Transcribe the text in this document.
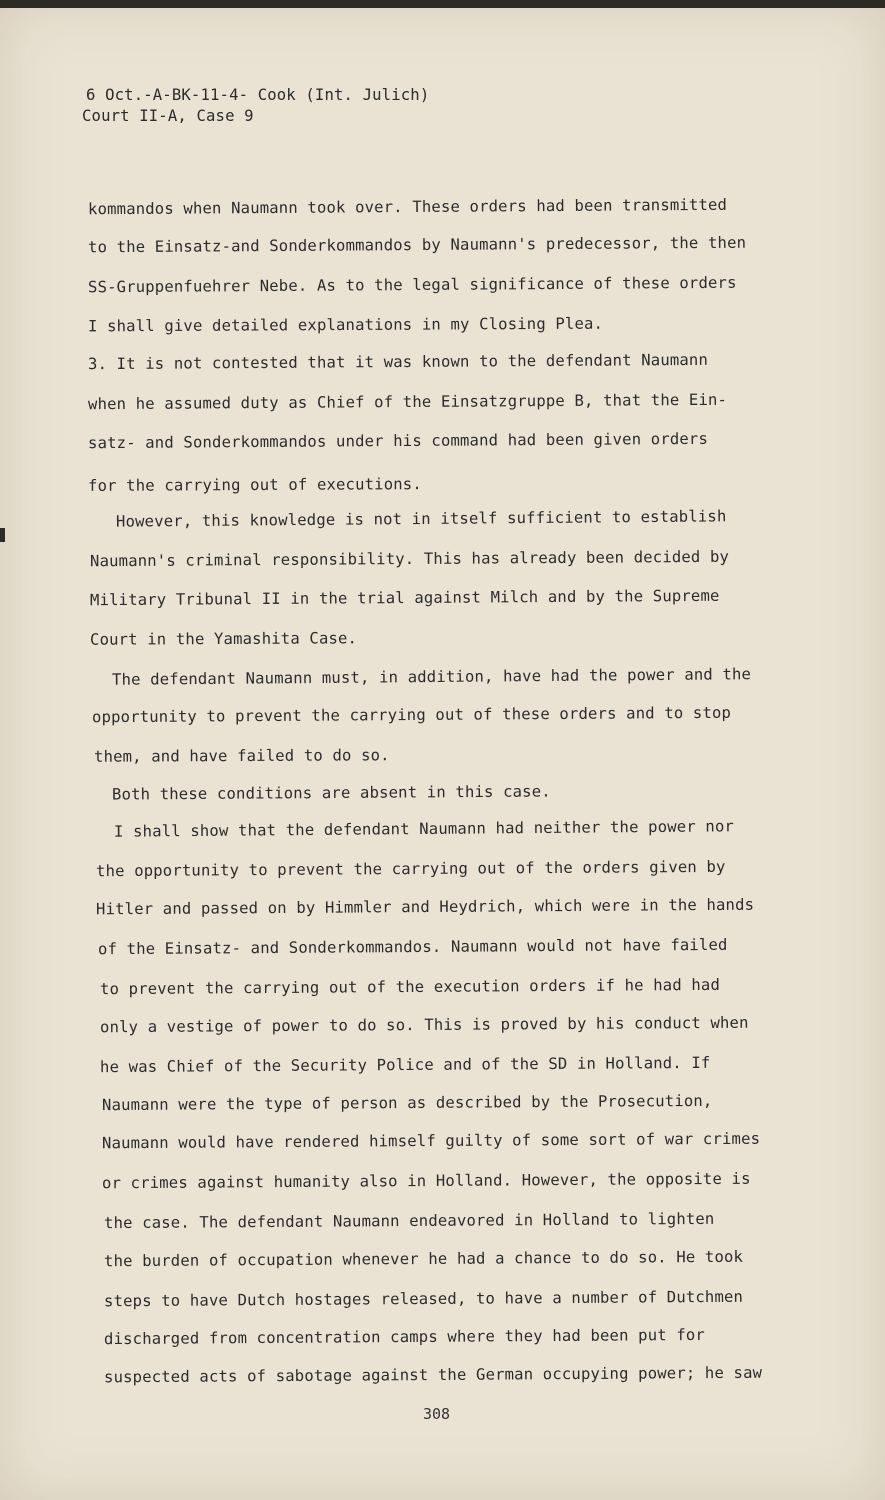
6 Oct.-A-BK-11-4- Cook (Int. Julich)
Court II-A, Case 9
kommandos when Naumann took over. These orders had been transmitted
to the Einsatz-and Sonderkommandos by Naumann's predecessor, the then
SS-Gruppenfuehrer Nebe. As to the legal significance of these orders
I shall give detailed explanations in my Closing Plea.
3. It is not contested that it was known to the defendant Naumann
when he assumed duty as Chief of the Einsatzgruppe B, that the Ein-
satz- and Sonderkommandos under his command had been given orders
for the carrying out of executions.
However, this knowledge is not in itself sufficient to establish
Naumann's criminal responsibility. This has already been decided by
Military Tribunal II in the trial against Milch and by the Supreme
Court in the Yamashita Case.
The defendant Naumann must, in addition, have had the power and the
opportunity to prevent the carrying out of these orders and to stop
them, and have failed to do so.
Both these conditions are absent in this case.
I shall show that the defendant Naumann had neither the power nor
the opportunity to prevent the carrying out of the orders given by
Hitler and passed on by Himmler and Heydrich, which were in the hands
of the Einsatz- and Sonderkommandos. Naumann would not have failed
to prevent the carrying out of the execution orders if he had had
only a vestige of power to do so. This is proved by his conduct when
he was Chief of the Security Police and of the SD in Holland. If
Naumann were the type of person as described by the Prosecution,
Naumann would have rendered himself guilty of some sort of war crimes
or crimes against humanity also in Holland. However, the opposite is
the case. The defendant Naumann endeavored in Holland to lighten
the burden of occupation whenever he had a chance to do so. He took
steps to have Dutch hostages released, to have a number of Dutchmen
discharged from concentration camps where they had been put for
suspected acts of sabotage against the German occupying power; he saw
308
